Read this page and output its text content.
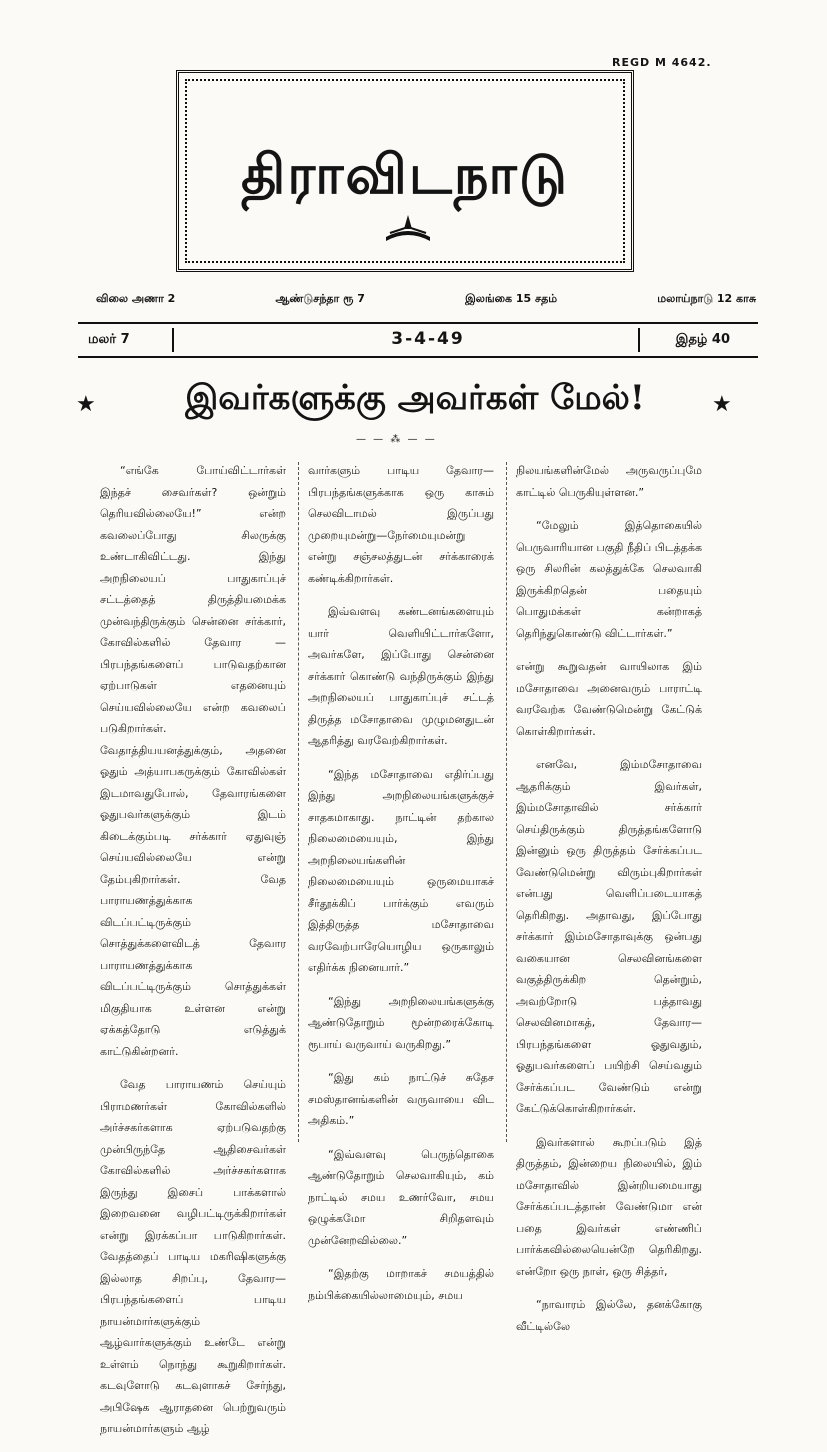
REGD M 4642.
திராவிடநாடு
விலை அணா 2	ஆண்டுசந்தா ரூ 7	இலங்கை 15 சதம்	மலாய்நாடு 12 காசு
மலர் 7	3-4-49	இதழ் 40
★	இவர்களுக்கு அவர்கள் மேல்!	★
— — ⁂ — —

“எங்கே போய்விட்டார்கள் இந்தச் சைவர்கள்? ஒன்றும் தெரியவில்லையே!” என்ற கவலைப்போது சிலருக்கு உண்டாகிவிட்டது. இந்து அறநிலையப் பாதுகாப்புச் சட்டத்தைத் திருத்தியமைக்க முன்வந்திருக்கும் சென்னை சர்க்கார், கோவில்களில் தேவார — பிரபந்தங்களைப் பாடுவதற்கான ஏற்பாடுகள் எதனையும் செய்யவில்லையே என்ற கவலைப் படுகிறார்கள். வேதாத்தியயனத்துக்கும், அதனை ஓதும் அத்யாபகருக்கும் கோவில்கள் இடமாவதுபோல், தேவாரங்களை ஓதுபவர்களுக்கும் இடம் கிடைக்கும்படி சர்க்கார் ஏதுவுஞ் செய்யவில்லையே என்று தேம்புகிறார்கள். வேத பாராயணத்துக்காக விடப்பட்டிருக்கும் சொத்துக்களைவிடத் தேவார பாராயணத்துக்காக விடப்பட்டிருக்கும் சொத்துக்கள் மிகுதியாக உள்ளன என்று ஏக்கத்தோடு எடுத்துக் காட்டுகின்றனர்.

வேத பாராயணம் செய்யும் பிராமணர்கள் கோவில்களில் அர்ச்சகர்களாக ஏற்படுவதற்கு முன்பிருந்தே ஆதிசைவர்கள் கோவில்களில் அர்ச்சகர்களாக இருந்து இசைப் பாக்களால் இறைவனை வழிபட்டிருக்கிறார்கள் என்று இரக்கப்பா பாடுகிறார்கள். வேதத்தைப் பாடிய மகரிஷிகளுக்கு இல்லாத சிறப்பு, தேவார—பிரபந்தங்களைப் பாடிய நாயன்மார்களுக்கும் ஆழ்வார்களுக்கும் உண்டே என்று உள்ளம் நொந்து கூறுகிறார்கள். கடவுளோடு கடவுளாகச் சேர்ந்து, அபிஷேக ஆராதனை பெற்றுவரும் நாயன்மார்களும் ஆழ்

வார்களும் பாடிய தேவார—பிரபந்தங்களுக்காக ஒரு காசும் செலவிடாமல் இருப்பது முறையுமன்று—நேர்மையுமன்று என்று சஞ்சலத்துடன் சர்க்காரைக் கண்டிக்கிறார்கள்.

இவ்வளவு கண்டனங்களையும் யார் வெளியிட்டார்களோ, அவர்களே, இப்போது சென்னை சர்க்கார் கொண்டு வந்திருக்கும் இந்து அறநிலையப் பாதுகாப்புச் சட்டத் திருத்த மசோதாவை முழுமனதுடன் ஆதரித்து வரவேற்கிறார்கள்.

“இந்த மசோதாவை எதிர்ப்பது இந்து அறநிலையங்களுக்குச் சாதகமாகாது. நாட்டின் தற்கால நிலைமையையும், இந்து அறநிலையங்களின் நிலைமையையும் ஒருமையாகச் சீர்தூக்கிப் பார்க்கும் எவரும் இத்திருத்த மசோதாவை வரவேற்பாரேயொழிய ஒருகாலும் எதிர்க்க நினையார்.”

“இந்து அறநிலையங்களுக்கு ஆண்டுதோறும் மூன்றரைக்கோடி ரூபாய் வருவாய் வருகிறது.”

“இது கம் நாட்டுச் சுதேச சமஸ்தானங்களின் வருவாயை விட அதிகம்.”

“இவ்வளவு பெருந்தொகை ஆண்டுதோறும் செலவாகியும், கம் நாட்டில் சமய உணர்வோ, சமய ஒழுக்கமோ சிறிதளவும் முன்னேறவில்லை.”

“இதற்கு மாறாகச் சமயத்தில் நம்பிக்கையில்லாமையும், சமய

நிலயங்களின்மேல் அருவருப்புமே காட்டில் பெருகியுள்ளன.”

“மேலும் இத்தொகையில் பெருவாரியான பகுதி நீதிப் பிடத்தக்க ஒரு சிலரின் கலத்துக்கே செலவாகி இருக்கிறதென் பதையும் பொதுமக்கள் கன்றாகத் தெரிந்துகொண்டு விட்டார்கள்.”

என்று கூறுவதன் வாயிலாக இம் மசோதாவை அனைவரும் பாராட்டி வரவேற்க வேண்டுமென்று கேட்டுக் கொள்கிறார்கள்.

எனவே, இம்மசோதாவை ஆதரிக்கும் இவர்கள், இம்மசோதாவில் சர்க்கார் செய்திருக்கும் திருத்தங்களோடு இன்னும் ஒரு திருத்தம் சேர்க்கப்பட வேண்டுமென்று விரும்புகிறார்கள் என்பது வெளிப்படையாகத் தெரிகிறது. அதாவது, இப்போது சர்க்கார் இம்மசோதாவுக்கு ஒன்பது வகையான செலவினங்களை வகுத்திருக்கிற தென்றும், அவற்றோடு பத்தாவது செலவினமாகத், தேவார—பிரபந்தங்களை ஓதுவதும், ஓதுபவர்களைப் பயிற்சி செய்வதும் சேர்க்கப்பட வேண்டும் என்று கேட்டுக்கொள்கிறார்கள்.

இவர்களால் கூறப்படும் இத் திருத்தம், இன்றைய நிலையில், இம் மசோதாவில் இன்றியமையாது சேர்க்கப்படத்தான் வேண்டுமா என் பதை இவர்கள் எண்ணிப் பார்க்கவில்லையென்றே தெரிகிறது. என்றோ ஒரு நாள், ஒரு சித்தர்,

“நாவாரம் இல்லே, தனக்கோகு வீட்டில்லே
